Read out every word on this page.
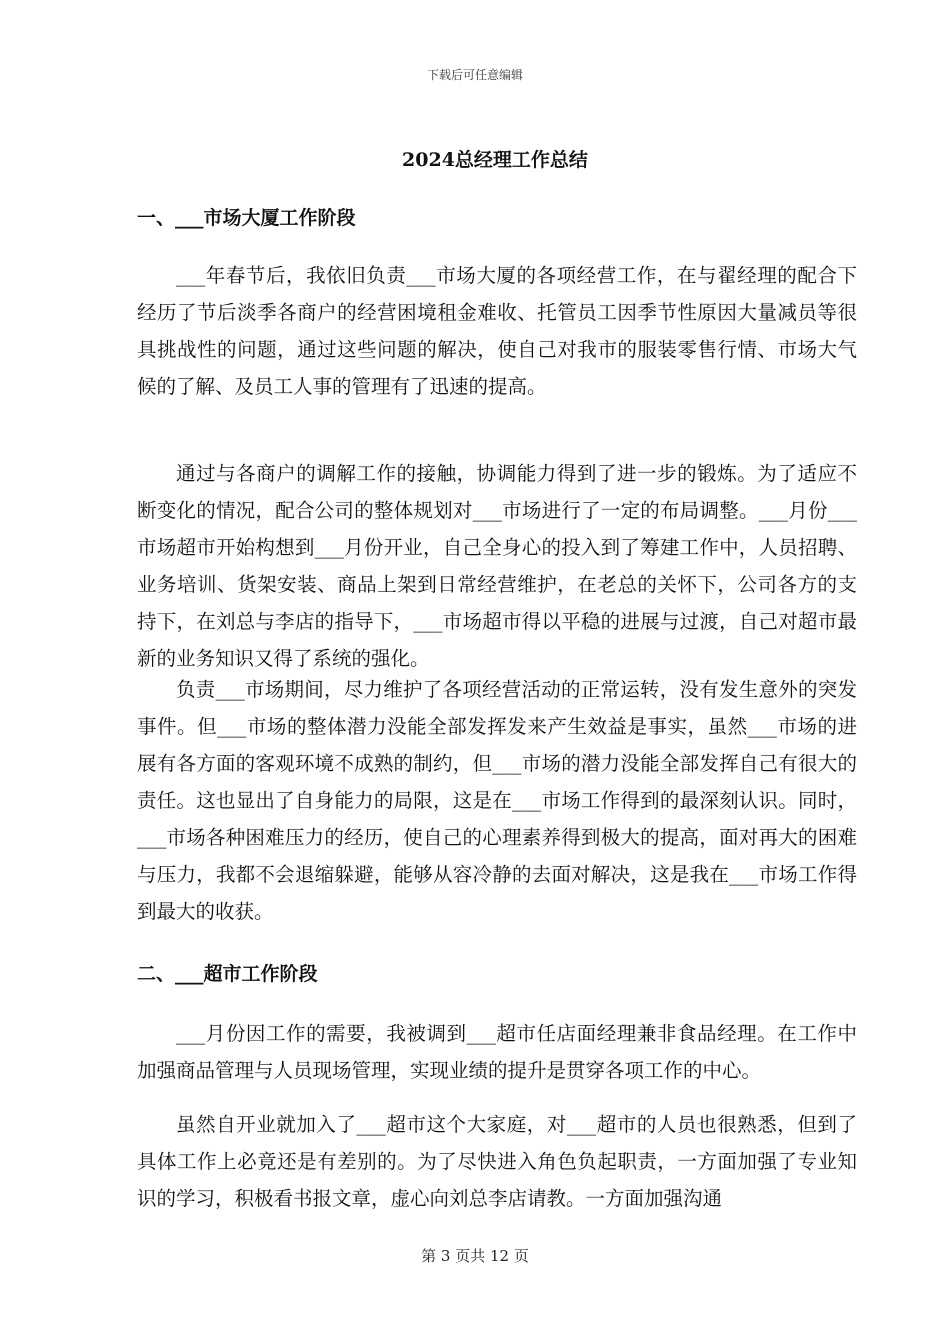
下载后可任意编辑
2024总经理工作总结
一、___市场大厦工作阶段

___年春节后，我依旧负责___市场大厦的各项经营工作，在与翟经理的配合下经历了节后淡季各商户的经营困境租金难收、托管员工因季节性原因大量减员等很具挑战性的问题，通过这些问题的解决，使自己对我市的服装零售行情、市场大气候的了解、及员工人事的管理有了迅速的提高。

通过与各商户的调解工作的接触，协调能力得到了进一步的锻炼。为了适应不断变化的情况，配合公司的整体规划对___市场进行了一定的布局调整。___月份___市场超市开始构想到___月份开业，自己全身心的投入到了筹建工作中，人员招聘、业务培训、货架安装、商品上架到日常经营维护，在老总的关怀下，公司各方的支持下，在刘总与李店的指导下，___市场超市得以平稳的进展与过渡，自己对超市最新的业务知识又得了系统的强化。

负责___市场期间，尽力维护了各项经营活动的正常运转，没有发生意外的突发事件。但___市场的整体潜力没能全部发挥发来产生效益是事实，虽然___市场的进展有各方面的客观环境不成熟的制约，但___市场的潜力没能全部发挥自己有很大的责任。这也显出了自身能力的局限，这是在___市场工作得到的最深刻认识。同时，___市场各种困难压力的经历，使自己的心理素养得到极大的提高，面对再大的困难与压力，我都不会退缩躲避，能够从容冷静的去面对解决，这是我在___市场工作得到最大的收获。

二、___超市工作阶段

___月份因工作的需要，我被调到___超市任店面经理兼非食品经理。在工作中加强商品管理与人员现场管理，实现业绩的提升是贯穿各项工作的中心。

虽然自开业就加入了___超市这个大家庭，对___超市的人员也很熟悉，但到了具体工作上必竟还是有差别的。为了尽快进入角色负起职责，一方面加强了专业知识的学习，积极看书报文章，虚心向刘总李店请教。一方面加强沟通

第 3 页共 12 页
